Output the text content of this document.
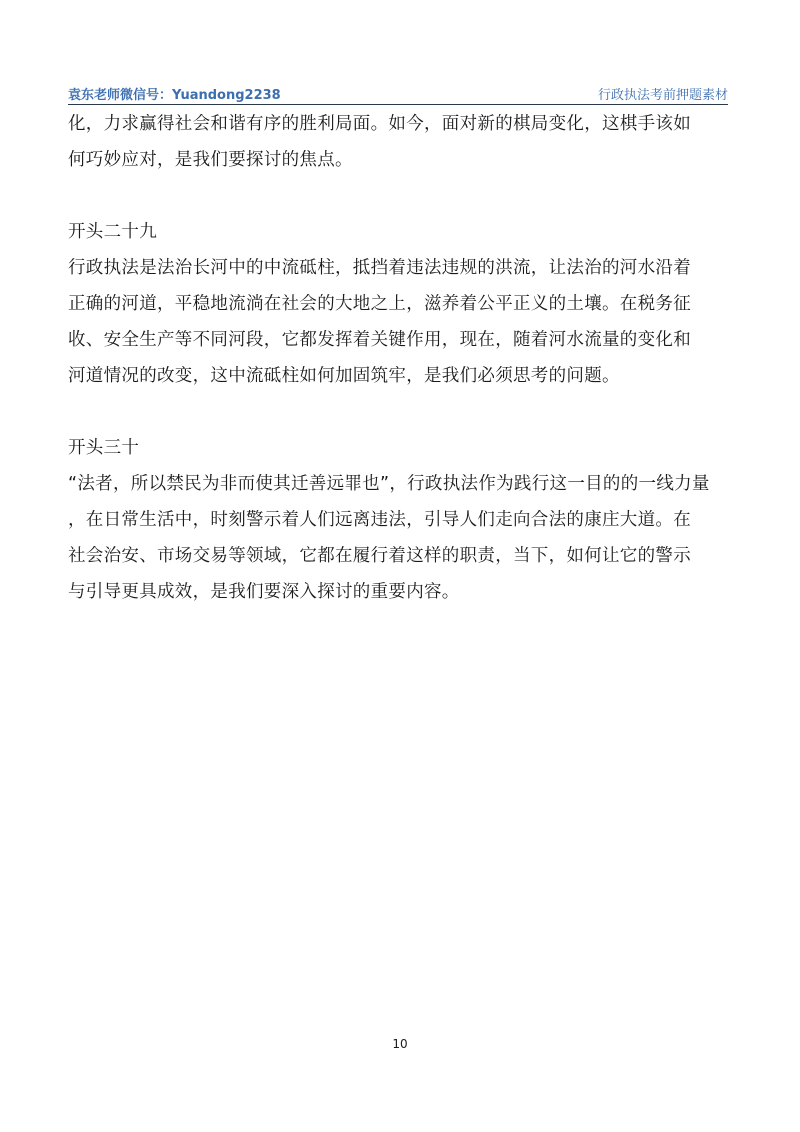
袁东老师微信号：Yuandong2238	行政执法考前押题素材
化，力求赢得社会和谐有序的胜利局面。如今，面对新的棋局变化，这棋手该如
何巧妙应对，是我们要探讨的焦点。
开头二十九
行政执法是法治长河中的中流砥柱，抵挡着违法违规的洪流，让法治的河水沿着
正确的河道，平稳地流淌在社会的大地之上，滋养着公平正义的土壤。在税务征
收、安全生产等不同河段，它都发挥着关键作用，现在，随着河水流量的变化和
河道情况的改变，这中流砥柱如何加固筑牢，是我们必须思考的问题。
开头三十
“法者，所以禁民为非而使其迁善远罪也”，行政执法作为践行这一目的的一线力量
，在日常生活中，时刻警示着人们远离违法，引导人们走向合法的康庄大道。在
社会治安、市场交易等领域，它都在履行着这样的职责，当下，如何让它的警示
与引导更具成效，是我们要深入探讨的重要内容。
10
